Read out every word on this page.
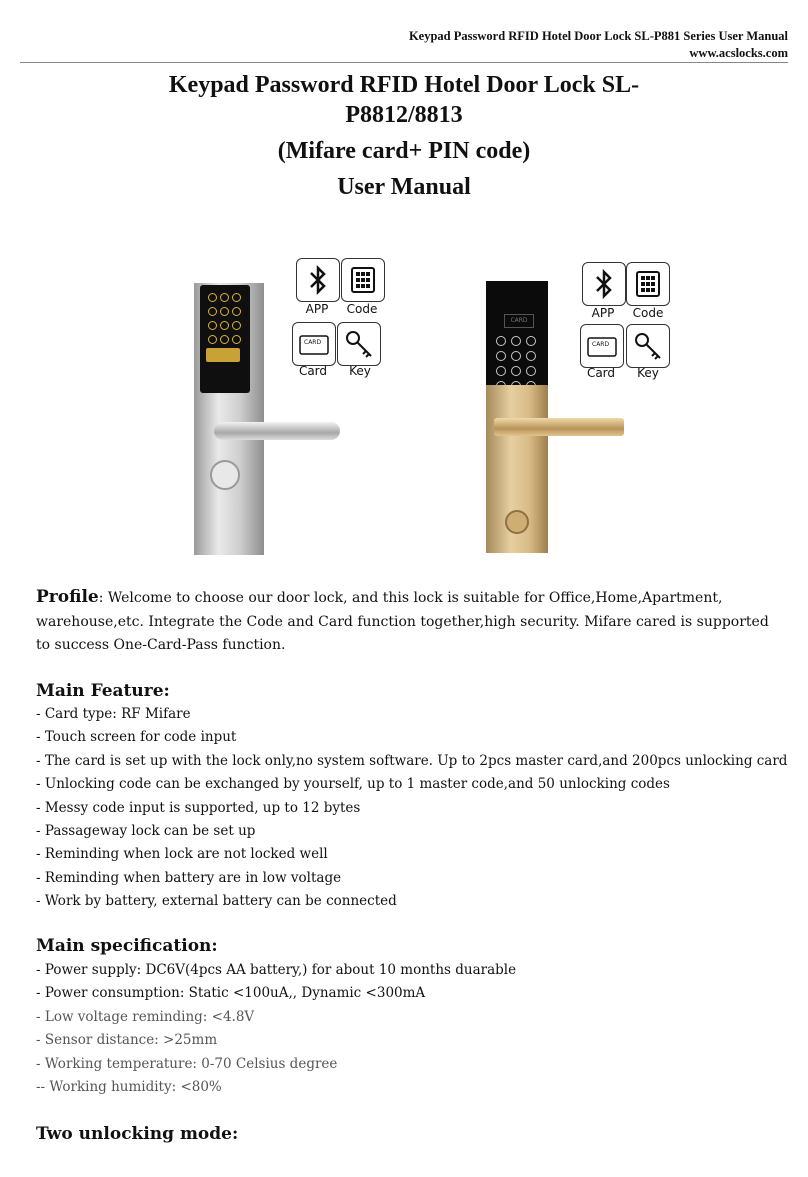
Keypad Password RFID Hotel Door Lock SL-P881 Series User Manual
www.acslocks.com
Keypad Password RFID Hotel Door Lock SL-
P8812/8813
(Mifare card+ PIN code)
User Manual
APP	Code
CARD
Card	Key
CARD
APP	Code
CARD
Card	Key
Profile: Welcome to choose our door lock, and this lock is suitable for Office,Home,Apartment, warehouse,etc. Integrate the Code and Card function together,high security. Mifare cared is supported to success One-Card-Pass function.
Main Feature:
- Card type: RF Mifare
- Touch screen for code input
- The card is set up with the lock only,no system software. Up to 2pcs master card,and 200pcs unlocking card
- Unlocking code can be exchanged by yourself, up to 1 master code,and 50 unlocking codes
- Messy code input is supported, up to 12 bytes
- Passageway lock can be set up
- Reminding when lock are not locked well
- Reminding when battery are in low voltage
- Work by battery, external battery can be connected
Main specification:
- Power supply: DC6V(4pcs AA battery,) for about 10 months duarable
- Power consumption: Static <100uA,, Dynamic <300mA
- Low voltage reminding: <4.8V
- Sensor distance: >25mm
- Working temperature: 0-70 Celsius degree
-- Working humidity: <80%
Two unlocking mode:
